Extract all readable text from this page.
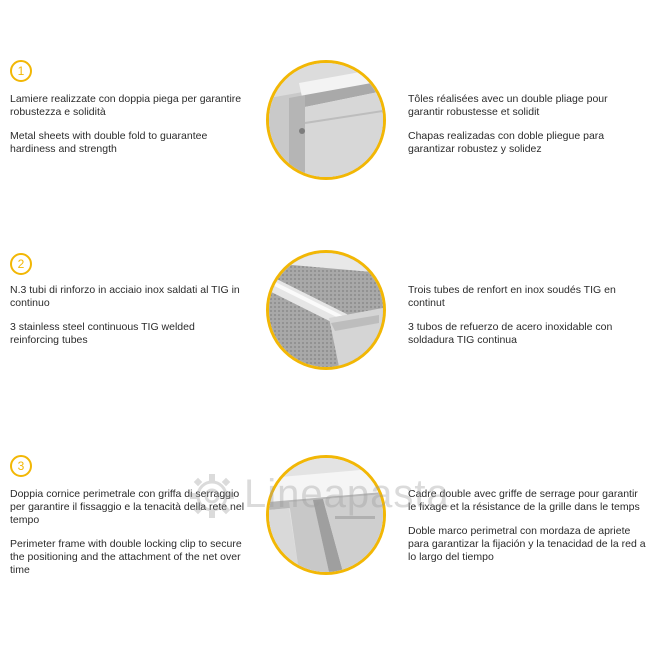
1

Lamiere realizzate con doppia piega per garantire robustezza e solidità

Metal sheets with double fold to guarantee hardiness and strength

Tôles réalisées avec un double pliage pour garantir robustesse et solidit

Chapas realizadas con doble pliegue para garantizar robustez y solidez

2

N.3 tubi di rinforzo in acciaio inox saldati al TIG in continuo

3 stainless steel continuous TIG welded reinforcing tubes

Trois tubes de renfort en inox soudés TIG en continut

3 tubos de refuerzo de acero inoxidable con soldadura TIG continua

3

Doppia cornice perimetrale con griffa di serraggio per garantire il fissaggio e la tenacità della rete nel tempo

Perimeter frame with double locking clip to secure the positioning and the attachment of the net over time

Cadre double avec griffe de serrage pour garantir le fixage et la résistance de la grille dans le temps

Doble marco perimetral con mordaza de apriete para garantizar la fijación y la tenacidad de la red a lo largo del tiempo

Lineapasta
